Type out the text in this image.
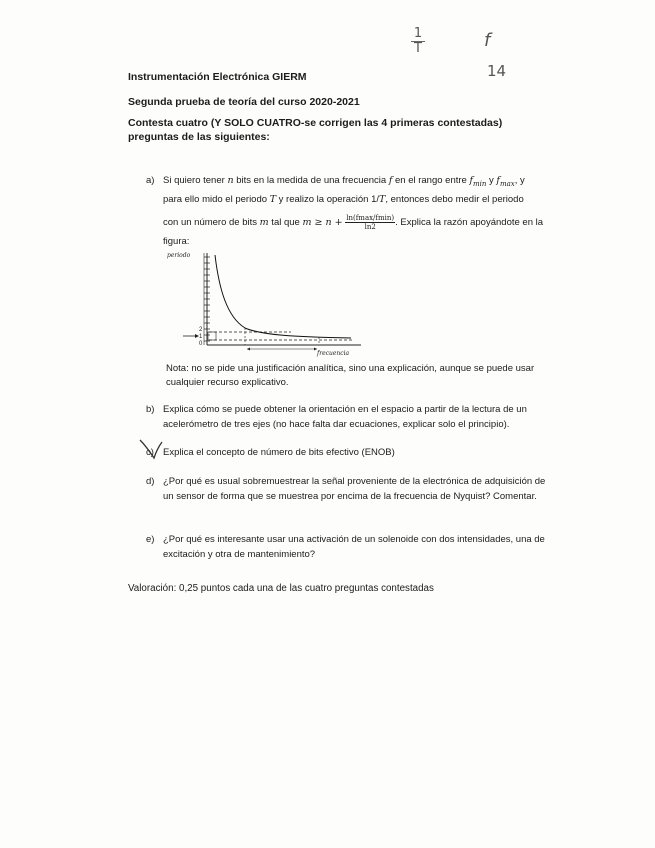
1
T	f
14
Instrumentación Electrónica GIERM
Segunda prueba de teoría del curso 2020-2021
Contesta cuatro (Y SOLO CUATRO-se corrigen las 4 primeras contestadas) preguntas de las siguientes:
a) Si quiero tener n bits en la medida de una frecuencia f en el rango entre $f_{min}$ y $f_{max}$, y
para ello mido el periodo T y realizo la operación 1/T, entonces debo medir el periodo
con un número de bits m tal que $m \ge n + \frac{\ln(fmax/fmin)}{\ln 2}$ . Explica la razón apoyándote en la
figura:
periodo
frecuencia
2
1
0
Nota: no se pide una justificación analítica, sino una explicación, aunque se puede usar cualquier recurso explicativo.
b) Explica cómo se puede obtener la orientación en el espacio a partir de la lectura de un acelerómetro de tres ejes (no hace falta dar ecuaciones, explicar solo el principio).
c) Explica el concepto de número de bits efectivo (ENOB)
d) ¿Por qué es usual sobremuestrear la señal proveniente de la electrónica de adquisición de un sensor de forma que se muestrea por encima de la frecuencia de Nyquist? Comentar.
e) ¿Por qué es interesante usar una activación de un solenoide con dos intensidades, una de excitación y otra de mantenimiento?
Valoración: 0,25 puntos cada una de las cuatro preguntas contestadas
